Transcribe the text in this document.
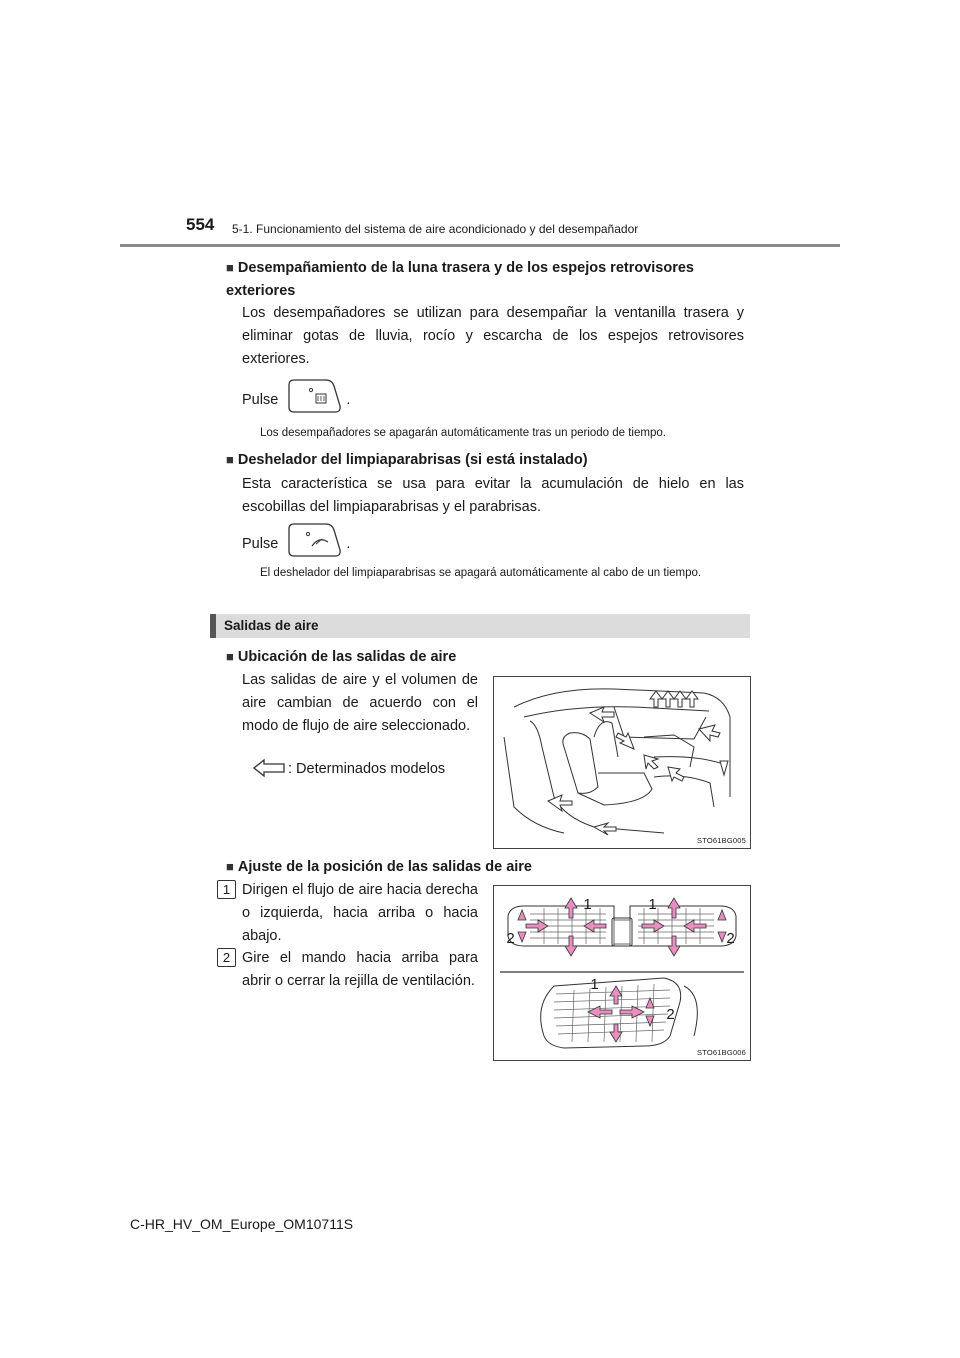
554 5-1. Funcionamiento del sistema de aire acondicionado y del desempañador
■ Desempañamiento de la luna trasera y de los espejos retrovisores exteriores
Los desempañadores se utilizan para desempañar la ventanilla trasera y eliminar gotas de lluvia, rocío y escarcha de los espejos retrovisores exteriores.
Pulse	.
Los desempañadores se apagarán automáticamente tras un periodo de tiempo.
■ Deshelador del limpiaparabrisas (si está instalado)
Esta característica se usa para evitar la acumulación de hielo en las escobillas del limpiaparabrisas y el parabrisas.
Pulse	.
El deshelador del limpiaparabrisas se apagará automáticamente al cabo de un tiempo.
Salidas de aire
■ Ubicación de las salidas de aire
Las salidas de aire y el volumen de aire cambian de acuerdo con el modo de flujo de aire seleccionado.
: Determinados modelos
STO61BG005
■ Ajuste de la posición de las salidas de aire
1 Dirigen el flujo de aire hacia derecha o izquierda, hacia arriba o hacia abajo.
2 Gire el mando hacia arriba para abrir o cerrar la rejilla de ventilación.
1	1
2	2
1
2
STO61BG006
C-HR_HV_OM_Europe_OM10711S
